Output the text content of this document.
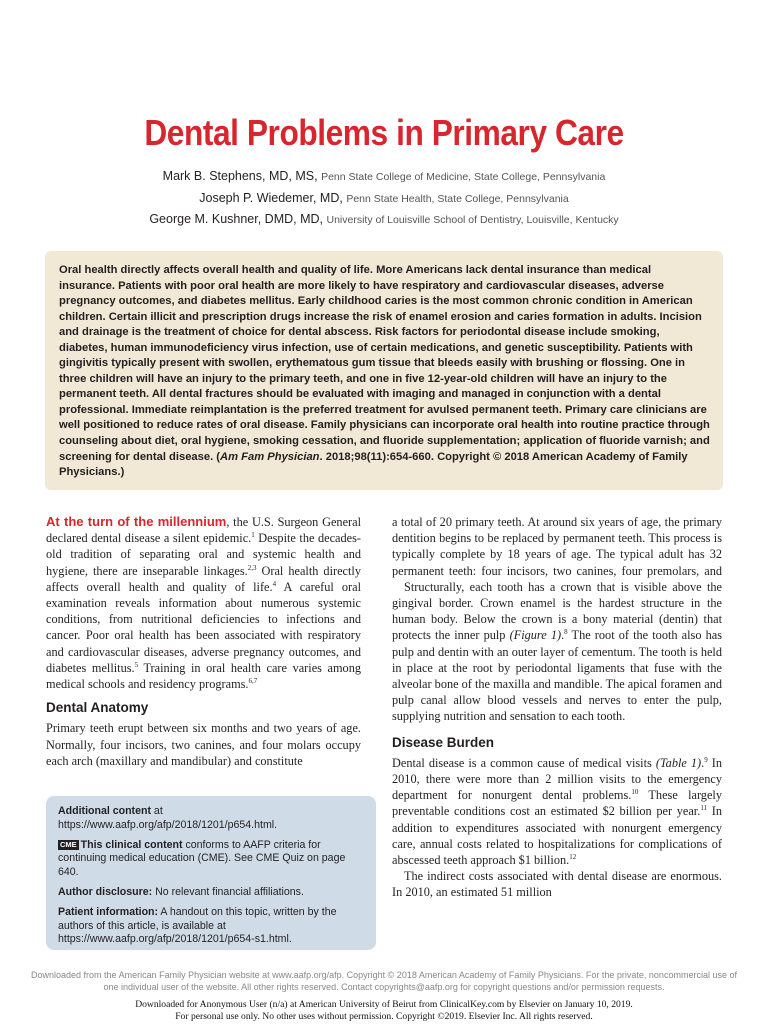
Dental Problems in Primary Care
Mark B. Stephens, MD, MS, Penn State College of Medicine, State College, Pennsylvania
Joseph P. Wiedemer, MD, Penn State Health, State College, Pennsylvania
George M. Kushner, DMD, MD, University of Louisville School of Dentistry, Louisville, Kentucky

Oral health directly affects overall health and quality of life. More Americans lack dental insurance than medical insurance. Patients with poor oral health are more likely to have respiratory and cardiovascular diseases, adverse pregnancy outcomes, and diabetes mellitus. Early childhood caries is the most common chronic condition in American children. Certain illicit and prescription drugs increase the risk of enamel erosion and caries formation in adults. Incision and drainage is the treatment of choice for dental abscess. Risk factors for periodontal disease include smoking, diabetes, human immunodeficiency virus infection, use of certain medications, and genetic susceptibility. Patients with gingivitis typically present with swollen, erythematous gum tissue that bleeds easily with brushing or flossing. One in three children will have an injury to the primary teeth, and one in five 12-year-old children will have an injury to the permanent teeth. All dental fractures should be evaluated with imaging and managed in conjunction with a dental professional. Immediate reimplantation is the preferred treatment for avulsed permanent teeth. Primary care clinicians are well positioned to reduce rates of oral disease. Family physicians can incorporate oral health into routine practice through counseling about diet, oral hygiene, smoking cessation, and fluoride supplementation; application of fluoride varnish; and screening for dental disease. (Am Fam Physician. 2018;98(11):654-660. Copyright © 2018 American Academy of Family Physicians.)

At the turn of the millennium, the U.S. Surgeon General declared dental disease a silent epidemic.$^1$ Despite the decades-old tradition of separating oral and systemic health and hygiene, there are inseparable linkages.$^{2,3}$ Oral health directly affects overall health and quality of life.$^4$ A careful oral examination reveals information about numerous systemic conditions, from nutritional deficiencies to infections and cancer. Poor oral health has been associated with respiratory and cardiovascular diseases, adverse pregnancy outcomes, and diabetes mellitus.$^5$ Training in oral health care varies among medical schools and residency programs.$^{6,7}$

Dental Anatomy

Primary teeth erupt between six months and two years of age. Normally, four incisors, two canines, and four molars occupy each arch (maxillary and mandibular) and constitute

a total of 20 primary teeth. At around six years of age, the primary dentition begins to be replaced by permanent teeth. This process is typically complete by 18 years of age. The typical adult has 32 permanent teeth: four incisors, two canines, four premolars, and

Structurally, each tooth has a crown that is visible above the gingival border. Crown enamel is the hardest structure in the human body. Below the crown is a bony material (dentin) that protects the inner pulp (Figure 1).$^8$ The root of the tooth also has pulp and dentin with an outer layer of cementum. The tooth is held in place at the root by periodontal ligaments that fuse with the alveolar bone of the maxilla and mandible. The apical foramen and pulp canal allow blood vessels and nerves to enter the pulp, supplying nutrition and sensation to each tooth.

Disease Burden

Dental disease is a common cause of medical visits (Table 1).$^9$ In 2010, there were more than 2 million visits to the emergency department for nonurgent dental problems.$^{10}$ These largely preventable conditions cost an estimated $2 billion per year.$^{11}$ In addition to expenditures associated with nonurgent emergency care, annual costs related to hospitalizations for complications of abscessed teeth approach $1 billion.$^{12}$

The indirect costs associated with dental disease are enormous. In 2010, an estimated 51 million

Additional content at https://www.aafp.org/afp/2018/1201/p654.html.

CME This clinical content conforms to AAFP criteria for continuing medical education (CME). See CME Quiz on page 640.

Author disclosure: No relevant financial affiliations.

Patient information: A handout on this topic, written by the authors of this article, is available at https://www.aafp.org/afp/2018/1201/p654-s1.html.

Downloaded from the American Family Physician website at www.aafp.org/afp. Copyright © 2018 American Academy of Family Physicians. For the private, noncommercial use of one individual user of the website. All other rights reserved. Contact copyrights@aafp.org for copyright questions and/or permission requests.
Downloaded for Anonymous User (n/a) at American University of Beirut from ClinicalKey.com by Elsevier on January 10, 2019.
For personal use only. No other uses without permission. Copyright ©2019. Elsevier Inc. All rights reserved.
